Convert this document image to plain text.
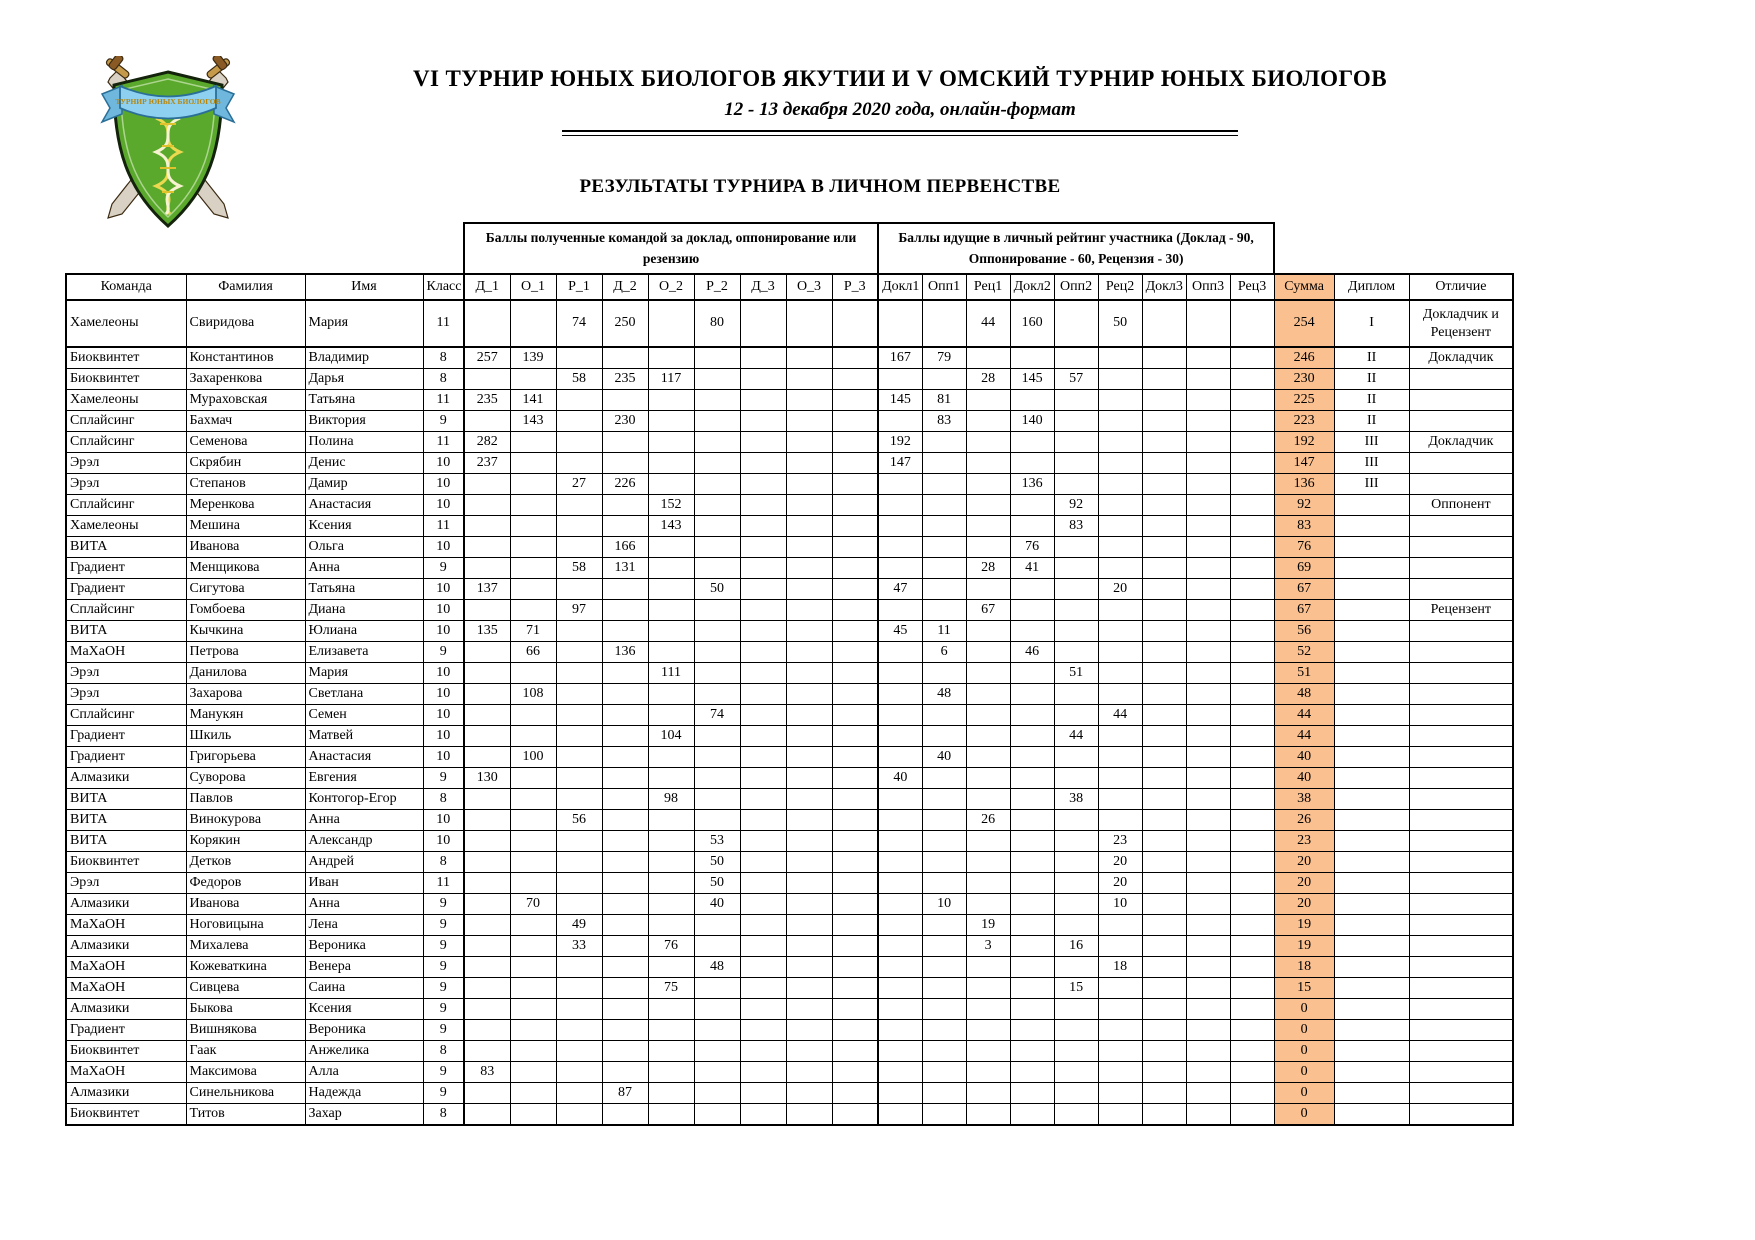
ТУРНИР ЮНЫХ БИОЛОГОВ
VI ТУРНИР ЮНЫХ БИОЛОГОВ ЯКУТИИ И V ОМСКИЙ ТУРНИР ЮНЫХ БИОЛОГОВ
12 - 13 декабря 2020 года, онлайн-формат
РЕЗУЛЬТАТЫ ТУРНИРА В ЛИЧНОМ ПЕРВЕНСТВЕ
				Баллы полученные командой за доклад, оппонирование или резензию									Баллы идущие в личный рейтинг участника (Доклад - 90, Оппонирование - 60, Рецензия - 30)											
Команда	Фамилия	Имя	Класс	Д_1	О_1	Р_1	Д_2	О_2	Р_2	Д_3	О_3	Р_3	Докл1	Опп1	Рец1	Докл2	Опп2	Рец2	Докл3	Опп3	Рец3	Сумма	Диплом	Отличие
Хамелеоны	Свиридова	Мария	11			74	250		80						44	160		50				254	I	Докладчик и Рецензент
Биоквинтет	Константинов	Владимир	8	257	139								167	79								246	II	Докладчик
Биоквинтет	Захаренкова	Дарья	8			58	235	117							28	145	57					230	II	
Хамелеоны	Мураховская	Татьяна	11	235	141								145	81								225	II	
Сплайсинг	Бахмач	Виктория	9		143		230							83		140						223	II	
Сплайсинг	Семенова	Полина	11	282									192									192	III	Докладчик
Эрэл	Скрябин	Денис	10	237									147									147	III	
Эрэл	Степанов	Дамир	10			27	226									136						136	III	
Сплайсинг	Меренкова	Анастасия	10					152									92					92		Оппонент
Хамелеоны	Мешина	Ксения	11					143									83					83		
ВИТА	Иванова	Ольга	10				166									76						76		
Градиент	Менщикова	Анна	9			58	131								28	41						69		
Градиент	Сигутова	Татьяна	10	137					50				47					20				67		
Сплайсинг	Гомбоева	Диана	10			97									67							67		Рецензент
ВИТА	Кычкина	Юлиана	10	135	71								45	11								56		
МаХаОН	Петрова	Елизавета	9		66		136							6		46						52		
Эрэл	Данилова	Мария	10					111									51					51		
Эрэл	Захарова	Светлана	10		108									48								48		
Сплайсинг	Манукян	Семен	10						74									44				44		
Градиент	Шкиль	Матвей	10					104									44					44		
Градиент	Григорьева	Анастасия	10		100									40								40		
Алмазики	Суворова	Евгения	9	130									40									40		
ВИТА	Павлов	Контогор-Егор	8					98									38					38		
ВИТА	Винокурова	Анна	10			56									26							26		
ВИТА	Корякин	Александр	10						53									23				23		
Биоквинтет	Детков	Андрей	8						50									20				20		
Эрэл	Федоров	Иван	11						50									20				20		
Алмазики	Иванова	Анна	9		70				40					10				10				20		
МаХаОН	Ноговицына	Лена	9			49									19							19		
Алмазики	Михалева	Вероника	9			33		76							3		16					19		
МаХаОН	Кожеваткина	Венера	9						48									18				18		
МаХаОН	Сивцева	Саина	9					75									15					15		
Алмазики	Быкова	Ксения	9																			0		
Градиент	Вишнякова	Вероника	9																			0		
Биоквинтет	Гаак	Анжелика	8																			0		
МаХаОН	Максимова	Алла	9	83																		0		
Алмазики	Синельникова	Надежда	9				87															0		
Биоквинтет	Титов	Захар	8																			0		
